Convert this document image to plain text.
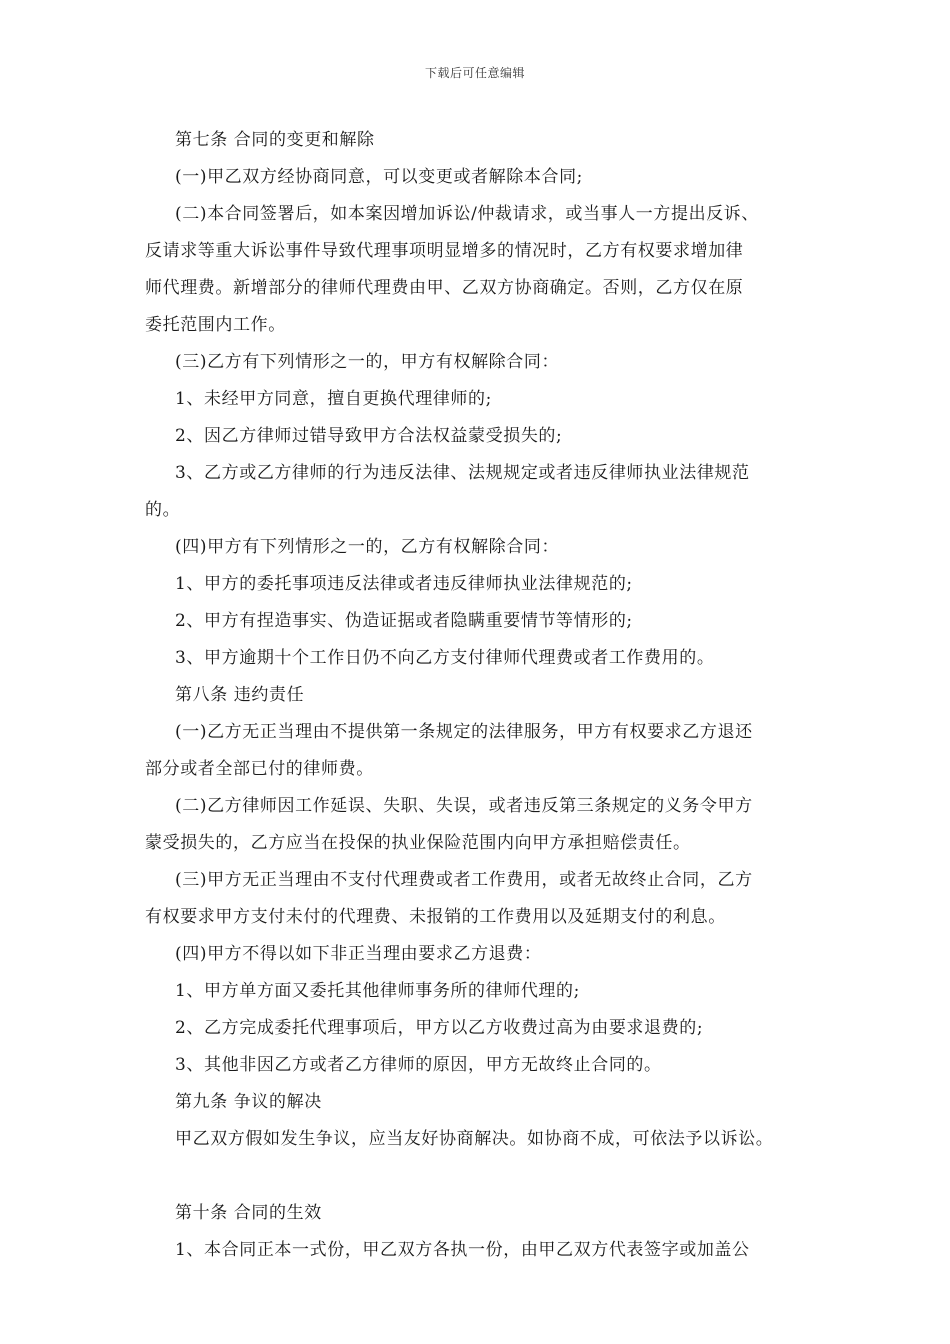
下载后可任意编辑
第七条 合同的变更和解除
(一)甲乙双方经协商同意，可以变更或者解除本合同;
(二)本合同签署后，如本案因增加诉讼/仲裁请求，或当事人一方提出反诉、
反请求等重大诉讼事件导致代理事项明显增多的情况时，乙方有权要求增加律
师代理费。新增部分的律师代理费由甲、乙双方协商确定。否则，乙方仅在原
委托范围内工作。
(三)乙方有下列情形之一的，甲方有权解除合同：
1、未经甲方同意，擅自更换代理律师的;
2、因乙方律师过错导致甲方合法权益蒙受损失的;
3、乙方或乙方律师的行为违反法律、法规规定或者违反律师执业法律规范
的。
(四)甲方有下列情形之一的，乙方有权解除合同：
1、甲方的委托事项违反法律或者违反律师执业法律规范的;
2、甲方有捏造事实、伪造证据或者隐瞒重要情节等情形的;
3、甲方逾期十个工作日仍不向乙方支付律师代理费或者工作费用的。
第八条 违约责任
(一)乙方无正当理由不提供第一条规定的法律服务，甲方有权要求乙方退还
部分或者全部已付的律师费。
(二)乙方律师因工作延误、失职、失误，或者违反第三条规定的义务令甲方
蒙受损失的，乙方应当在投保的执业保险范围内向甲方承担赔偿责任。
(三)甲方无正当理由不支付代理费或者工作费用，或者无故终止合同，乙方
有权要求甲方支付未付的代理费、未报销的工作费用以及延期支付的利息。
(四)甲方不得以如下非正当理由要求乙方退费：
1、甲方单方面又委托其他律师事务所的律师代理的;
2、乙方完成委托代理事项后，甲方以乙方收费过高为由要求退费的;
3、其他非因乙方或者乙方律师的原因，甲方无故终止合同的。
第九条 争议的解决
甲乙双方假如发生争议，应当友好协商解决。如协商不成，可依法予以诉讼。
第十条 合同的生效
1、本合同正本一式份，甲乙双方各执一份，由甲乙双方代表签字或加盖公
